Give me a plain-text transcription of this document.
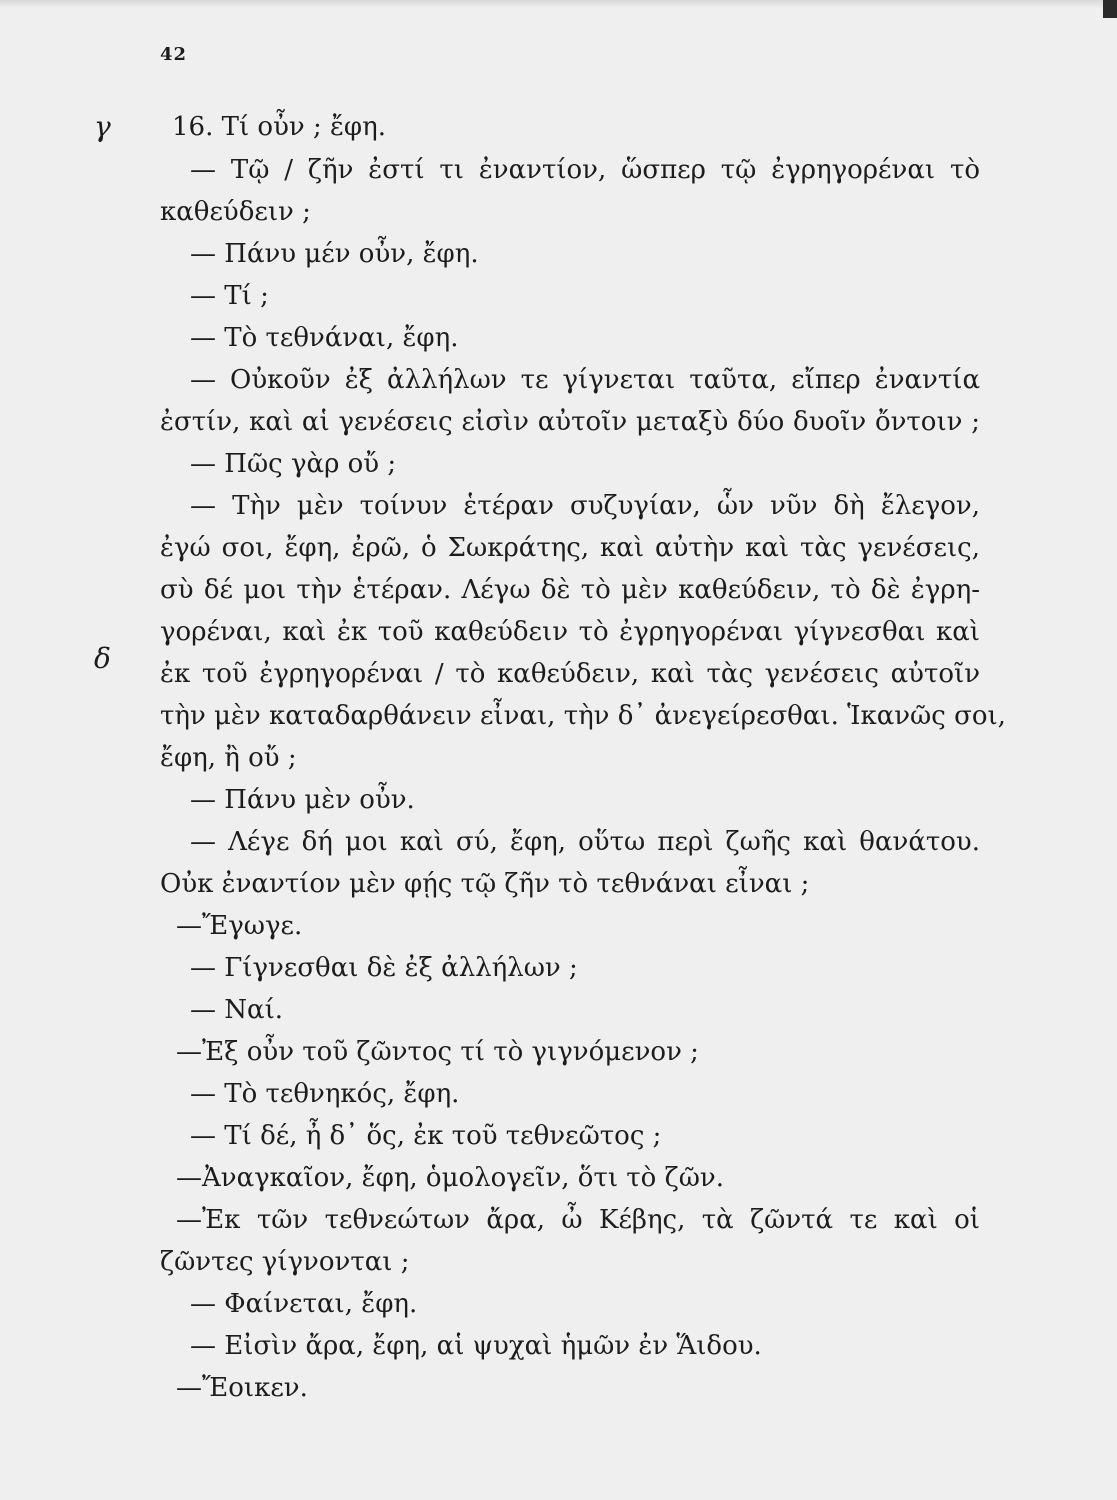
42
γ
δ
16. Τί οὖν ; ἔφη.
— Τῷ / ζῆν ἐστί τι ἐναντίον, ὥσπερ τῷ ἐγρηγορέναι τὸ
καθεύδειν ;
— Πάνυ μέν οὖν, ἔφη.
— Τί ;
— Τὸ τεθνάναι, ἔφη.
— Οὐκοῦν ἐξ ἀλλήλων τε γίγνεται ταῦτα, εἴπερ ἐναντία
ἐστίν, καὶ αἱ γενέσεις εἰσὶν αὐτοῖν μεταξὺ δύο δυοῖν ὄντοιν ;
— Πῶς γὰρ οὔ ;
— Τὴν μὲν τοίνυν ἑτέραν συζυγίαν, ὧν νῦν δὴ ἔλεγον,
ἐγώ σοι, ἔφη, ἐρῶ, ὁ Σωκράτης, καὶ αὐτὴν καὶ τὰς γενέσεις,
σὺ δέ μοι τὴν ἑτέραν. Λέγω δὲ τὸ μὲν καθεύδειν, τὸ δὲ ἐγρη-
γορέναι, καὶ ἐκ τοῦ καθεύδειν τὸ ἐγρηγορέναι γίγνεσθαι καὶ
ἐκ τοῦ ἐγρηγορέναι / τὸ καθεύδειν, καὶ τὰς γενέσεις αὐτοῖν
τὴν μὲν καταδαρθάνειν εἶναι, τὴν δ᾽ ἀνεγείρεσθαι. Ἱκανῶς σοι,
ἔφη, ἢ οὔ ;
— Πάνυ μὲν οὖν.
— Λέγε δή μοι καὶ σύ, ἔφη, οὕτω περὶ ζωῆς καὶ θανάτου.
Οὐκ ἐναντίον μὲν φῄς τῷ ζῆν τὸ τεθνάναι εἶναι ;
—Ἔγωγε.
— Γίγνεσθαι δὲ ἐξ ἀλλήλων ;
— Ναί.
—Ἐξ οὖν τοῦ ζῶντος τί τὸ γιγνόμενον ;
— Τὸ τεθνηκός, ἔφη.
— Τί δέ, ἦ δ᾽ ὅς, ἐκ τοῦ τεθνεῶτος ;
—Ἀναγκαῖον, ἔφη, ὁμολογεῖν, ὅτι τὸ ζῶν.
—Ἐκ τῶν τεθνεώτων ἄρα, ὦ Κέβης, τὰ ζῶντά τε καὶ οἱ
ζῶντες γίγνονται ;
— Φαίνεται, ἔφη.
— Εἰσὶν ἄρα, ἔφη, αἱ ψυχαὶ ἡμῶν ἐν Ἅιδου.
—Ἔοικεν.
